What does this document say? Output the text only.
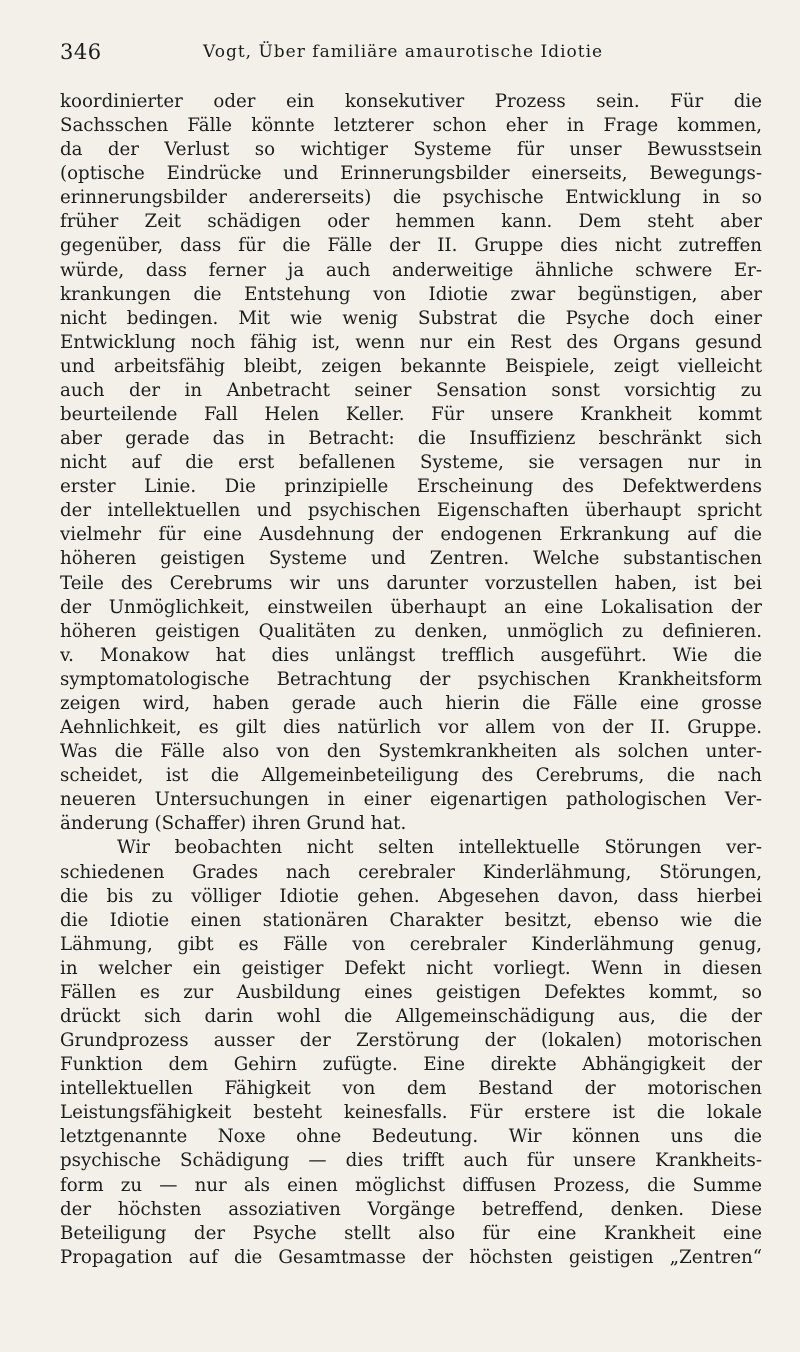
346	Vogt, Über familiäre amaurotische Idiotie
koordinierter oder ein konsekutiver Prozess sein. Für die
Sachsschen Fälle könnte letzterer schon eher in Frage kommen,
da der Verlust so wichtiger Systeme für unser Bewusstsein
(optische Eindrücke und Erinnerungsbilder einerseits, Bewegungs-
erinnerungsbilder andererseits) die psychische Entwicklung in so
früher Zeit schädigen oder hemmen kann. Dem steht aber
gegenüber, dass für die Fälle der II. Gruppe dies nicht zutreffen
würde, dass ferner ja auch anderweitige ähnliche schwere Er-
krankungen die Entstehung von Idiotie zwar begünstigen, aber
nicht bedingen. Mit wie wenig Substrat die Psyche doch einer
Entwicklung noch fähig ist, wenn nur ein Rest des Organs gesund
und arbeitsfähig bleibt, zeigen bekannte Beispiele, zeigt vielleicht
auch der in Anbetracht seiner Sensation sonst vorsichtig zu
beurteilende Fall Helen Keller. Für unsere Krankheit kommt
aber gerade das in Betracht: die Insuffizienz beschränkt sich
nicht auf die erst befallenen Systeme, sie versagen nur in
erster Linie. Die prinzipielle Erscheinung des Defektwerdens
der intellektuellen und psychischen Eigenschaften überhaupt spricht
vielmehr für eine Ausdehnung der endogenen Erkrankung auf die
höheren geistigen Systeme und Zentren. Welche substantischen
Teile des Cerebrums wir uns darunter vorzustellen haben, ist bei
der Unmöglichkeit, einstweilen überhaupt an eine Lokalisation der
höheren geistigen Qualitäten zu denken, unmöglich zu definieren.
v. Monakow hat dies unlängst trefflich ausgeführt. Wie die
symptomatologische Betrachtung der psychischen Krankheitsform
zeigen wird, haben gerade auch hierin die Fälle eine grosse
Aehnlichkeit, es gilt dies natürlich vor allem von der II. Gruppe.
Was die Fälle also von den Systemkrankheiten als solchen unter-
scheidet, ist die Allgemeinbeteiligung des Cerebrums, die nach
neueren Untersuchungen in einer eigenartigen pathologischen Ver-
änderung (Schaffer) ihren Grund hat.
Wir beobachten nicht selten intellektuelle Störungen ver-
schiedenen Grades nach cerebraler Kinderlähmung, Störungen,
die bis zu völliger Idiotie gehen. Abgesehen davon, dass hierbei
die Idiotie einen stationären Charakter besitzt, ebenso wie die
Lähmung, gibt es Fälle von cerebraler Kinderlähmung genug,
in welcher ein geistiger Defekt nicht vorliegt. Wenn in diesen
Fällen es zur Ausbildung eines geistigen Defektes kommt, so
drückt sich darin wohl die Allgemeinschädigung aus, die der
Grundprozess ausser der Zerstörung der (lokalen) motorischen
Funktion dem Gehirn zufügte. Eine direkte Abhängigkeit der
intellektuellen Fähigkeit von dem Bestand der motorischen
Leistungsfähigkeit besteht keinesfalls. Für erstere ist die lokale
letztgenannte Noxe ohne Bedeutung. Wir können uns die
psychische Schädigung — dies trifft auch für unsere Krankheits-
form zu — nur als einen möglichst diffusen Prozess, die Summe
der höchsten assoziativen Vorgänge betreffend, denken. Diese
Beteiligung der Psyche stellt also für eine Krankheit eine
Propagation auf die Gesamtmasse der höchsten geistigen „Zentren“
